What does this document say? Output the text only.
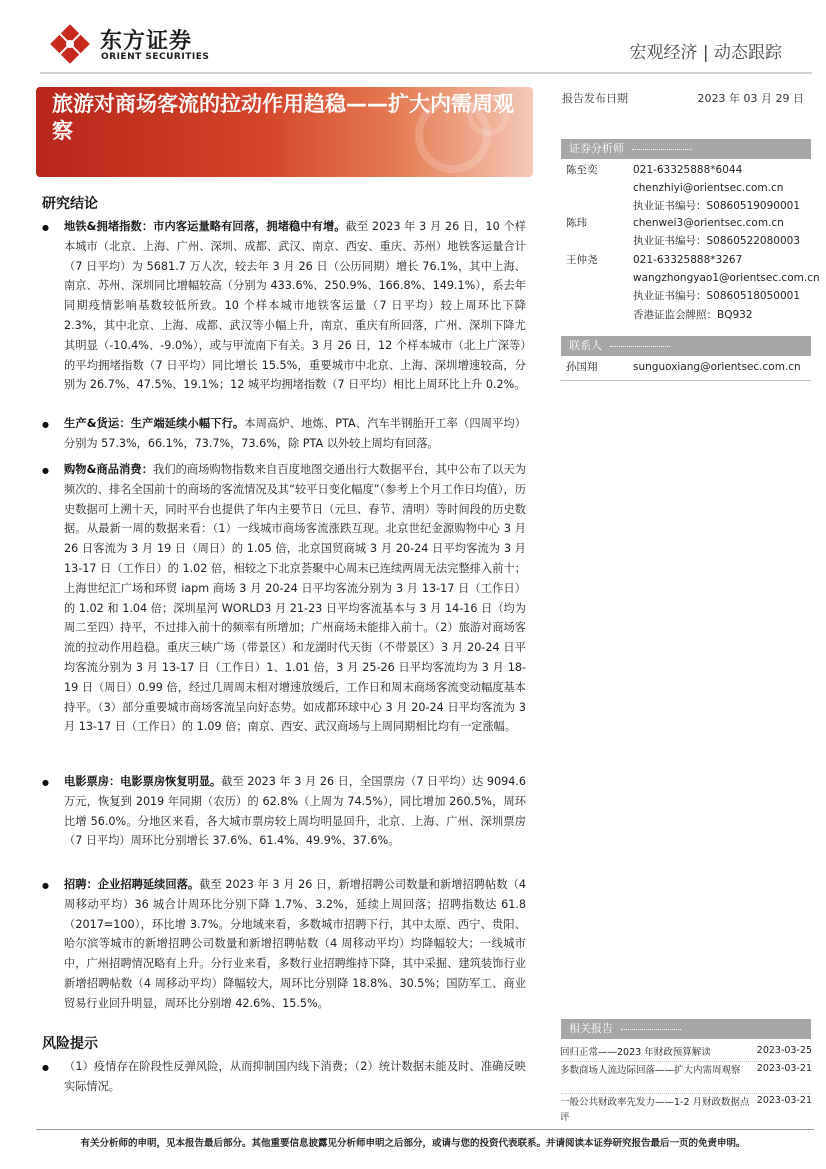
东方证券
ORIENT SECURITIES	宏观经济 | 动态跟踪
旅游对商场客流的拉动作用趋稳——扩大内需周观察
报告发布日期	2023 年 03 月 29 日
证券分析师
陈至奕	021-63325888*6044
chenzhiyi@orientsec.com.cn
执业证书编号：S0860519090001
陈玮	chenwei3@orientsec.com.cn
执业证书编号：S0860522080003
王仲尧	021-63325888*3267
wangzhongyao1@orientsec.com.cn
执业证书编号：S0860518050001
香港证监会牌照：BQ932
联系人
孙国翔	sunguoxiang@orientsec.com.cn
研究结论
● 地铁&拥堵指数：市内客运量略有回落，拥堵稳中有增。截至 2023 年 3 月 26 日，10 个样本城市（北京、上海、广州、深圳、成都、武汉、南京、西安、重庆、苏州）地铁客运量合计（7 日平均）为 5681.7 万人次，较去年 3 月 26 日（公历同期）增长 76.1%，其中上海、南京、苏州、深圳同比增幅较高（分别为 433.6%、250.9%、166.8%、149.1%），系去年同期疫情影响基数较低所致。10 个样本城市地铁客运量（7 日平均）较上周环比下降 2.3%，其中北京、上海、成都、武汉等小幅上升，南京、重庆有所回落，广州、深圳下降尤其明显（-10.4%、-9.0%），或与甲流南下有关。3 月 26 日，12 个样本城市（北上广深等）的平均拥堵指数（7 日平均）同比增长 15.5%，重要城市中北京、上海、深圳增速较高，分别为 26.7%、47.5%、19.1%；12 城平均拥堵指数（7 日平均）相比上周环比上升 0.2%。
● 生产&货运：生产端延续小幅下行。本周高炉、地炼、PTA、汽车半钢胎开工率（四周平均）分别为 57.3%，66.1%，73.7%，73.6%，除 PTA 以外较上周均有回落。
● 购物&商品消费：我们的商场购物指数来自百度地图交通出行大数据平台，其中公布了以天为频次的、排名全国前十的商场的客流情况及其“较平日变化幅度”（参考上个月工作日均值），历史数据可上溯十天，同时平台也提供了年内主要节日（元旦、春节、清明）等时间段的历史数据。从最新一周的数据来看：（1）一线城市商场客流涨跌互现。北京世纪金源购物中心 3 月 26 日客流为 3 月 19 日（周日）的 1.05 倍，北京国贸商城 3 月 20-24 日平均客流为 3 月 13-17 日（工作日）的 1.02 倍，相较之下北京荟聚中心周末已连续两周无法完整排入前十；上海世纪汇广场和环贸 iapm 商场 3 月 20-24 日平均客流分别为 3 月 13-17 日（工作日）的 1.02 和 1.04 倍；深圳星河 WORLD3 月 21-23 日平均客流基本与 3 月 14-16 日（均为周二至四）持平，不过排入前十的频率有所增加；广州商场未能排入前十。（2）旅游对商场客流的拉动作用趋稳。重庆三峡广场（带景区）和龙湖时代天街（不带景区）3 月 20-24 日平均客流分别为 3 月 13-17 日（工作日）1、1.01 倍，3 月 25-26 日平均客流均为 3 月 18-19 日（周日）0.99 倍，经过几周周末相对增速放缓后，工作日和周末商场客流变动幅度基本持平。（3）部分重要城市商场客流呈向好态势。如成都环球中心 3 月 20-24 日平均客流为 3 月 13-17 日（工作日）的 1.09 倍；南京、西安、武汉商场与上周同期相比均有一定涨幅。
● 电影票房：电影票房恢复明显。截至 2023 年 3 月 26 日，全国票房（7 日平均）达 9094.6 万元，恢复到 2019 年同期（农历）的 62.8%（上周为 74.5%），同比增加 260.5%，周环比增 56.0%。分地区来看，各大城市票房较上周均明显回升，北京、上海、广州、深圳票房（7 日平均）周环比分别增长 37.6%、61.4%、49.9%、37.6%。
● 招聘：企业招聘延续回落。截至 2023 年 3 月 26 日，新增招聘公司数量和新增招聘帖数（4 周移动平均）36 城合计周环比分别下降 1.7%、3.2%，延续上周回落；招聘指数达 61.8（2017=100），环比增 3.7%。分地域来看，多数城市招聘下行，其中太原、西宁、贵阳、哈尔滨等城市的新增招聘公司数量和新增招聘帖数（4 周移动平均）均降幅较大；一线城市中，广州招聘情况略有上升。分行业来看，多数行业招聘维持下降，其中采掘、建筑装饰行业新增招聘帖数（4 周移动平均）降幅较大，周环比分别降 18.8%、30.5%；国防军工、商业贸易行业回升明显，周环比分别增 42.6%、15.5%。
风险提示
● （1）疫情存在阶段性反弹风险，从而抑制国内线下消费；（2）统计数据未能及时、准确反映实际情况。
相关报告
回归正常——2023 年财政预算解读	2023-03-25
多数商场人流边际回落——扩大内需周观察	2023-03-21
一般公共财政率先发力——1-2 月财政数据点评
2023-03-21
有关分析师的申明，见本报告最后部分。其他重要信息披露见分析师申明之后部分，或请与您的投资代表联系。并请阅读本证券研究报告最后一页的免责申明。
